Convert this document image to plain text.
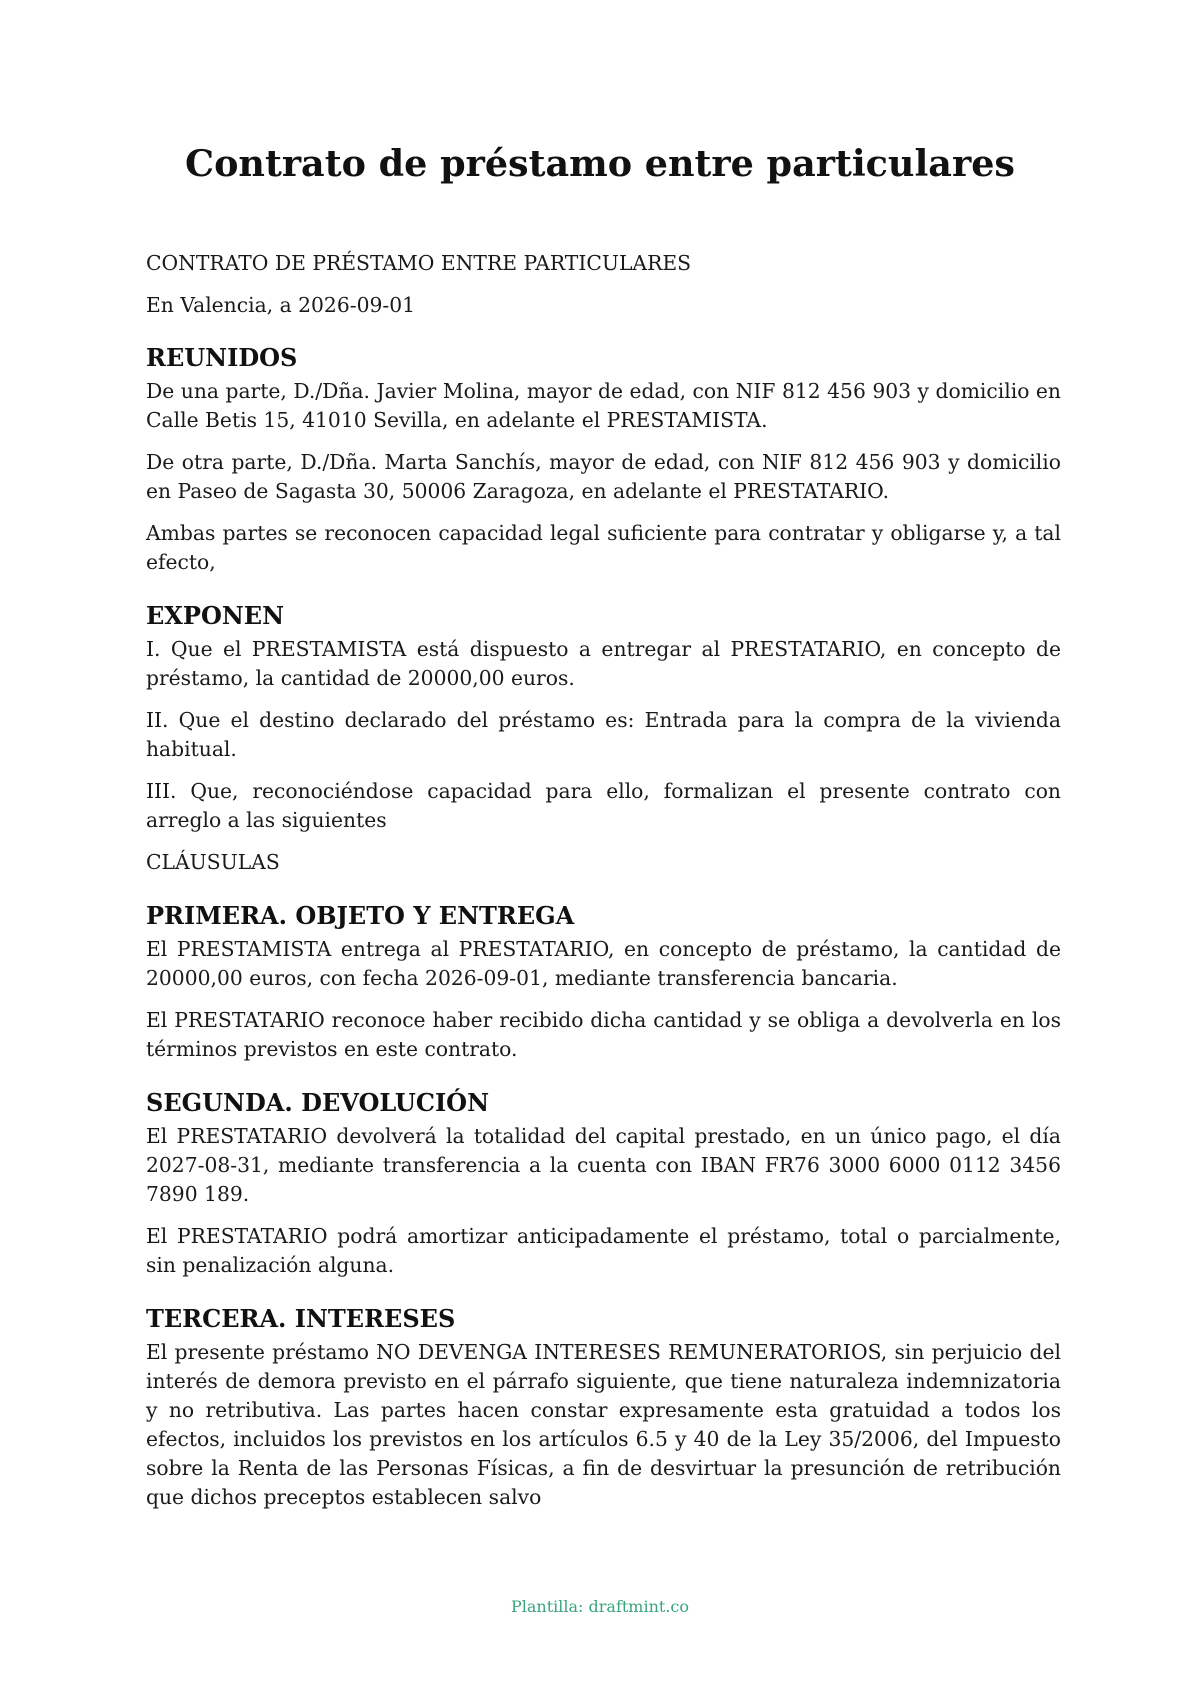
Contrato de préstamo entre particulares

CONTRATO DE PRÉSTAMO ENTRE PARTICULARES

En Valencia, a 2026-09-01

REUNIDOS

De una parte, D./Dña. Javier Molina, mayor de edad, con NIF 812 456 903 y domicilio en Calle Betis 15, 41010 Sevilla, en adelante el PRESTAMISTA.

De otra parte, D./Dña. Marta Sanchís, mayor de edad, con NIF 812 456 903 y domicilio en Paseo de Sagasta 30, 50006 Zaragoza, en adelante el PRESTATARIO.

Ambas partes se reconocen capacidad legal suficiente para contratar y obligarse y, a tal efecto,

EXPONEN

I. Que el PRESTAMISTA está dispuesto a entregar al PRESTATARIO, en concepto de préstamo, la cantidad de 20000,00 euros.

II. Que el destino declarado del préstamo es: Entrada para la compra de la vivienda habitual.

III. Que, reconociéndose capacidad para ello, formalizan el presente contrato con arreglo a las siguientes

CLÁUSULAS

PRIMERA. OBJETO Y ENTREGA

El PRESTAMISTA entrega al PRESTATARIO, en concepto de préstamo, la cantidad de 20000,00 euros, con fecha 2026-09-01, mediante transferencia bancaria.

El PRESTATARIO reconoce haber recibido dicha cantidad y se obliga a devolverla en los términos previstos en este contrato.

SEGUNDA. DEVOLUCIÓN

El PRESTATARIO devolverá la totalidad del capital prestado, en un único pago, el día 2027-08-31, mediante transferencia a la cuenta con IBAN FR76 3000 6000 0112 3456 7890 189.

El PRESTATARIO podrá amortizar anticipadamente el préstamo, total o parcialmente, sin penalización alguna.

TERCERA. INTERESES

El presente préstamo NO DEVENGA INTERESES REMUNERATORIOS, sin perjuicio del interés de demora previsto en el párrafo siguiente, que tiene naturaleza indemnizatoria y no retributiva. Las partes hacen constar expresamente esta gratuidad a todos los efectos, incluidos los previstos en los artículos 6.5 y 40 de la Ley 35/2006, del Impuesto sobre la Renta de las Personas Físicas, a fin de desvirtuar la presunción de retribución que dichos preceptos establecen salvo

Plantilla: draftmint.co
